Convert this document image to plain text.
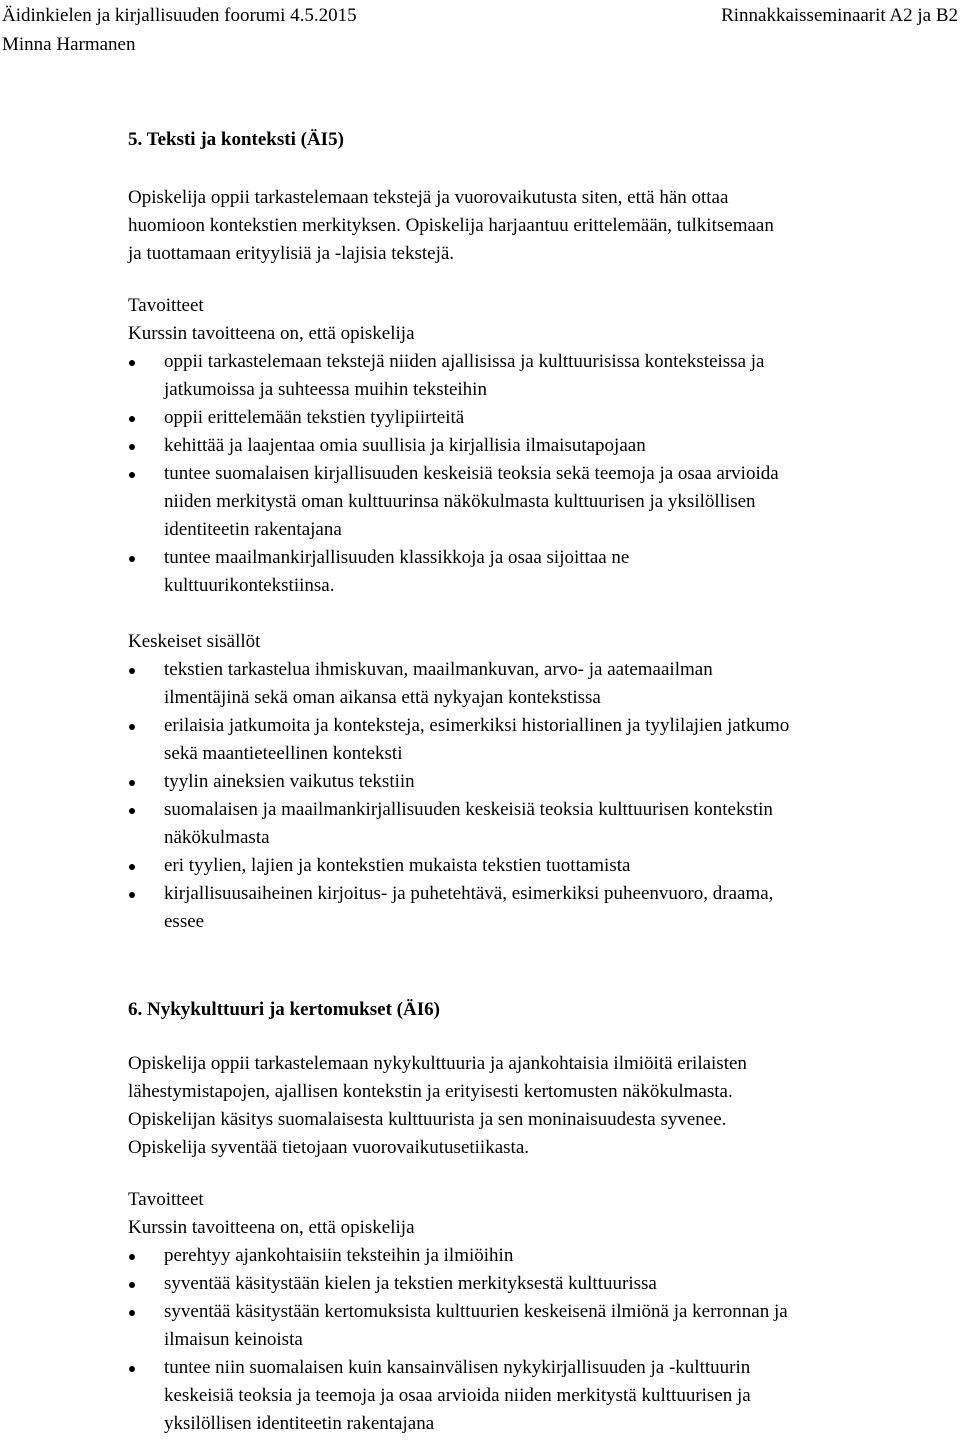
Äidinkielen ja kirjallisuuden foorumi 4.5.2015	Rinnakkaisseminaarit A2 ja B2
Minna Harmanen
5. Teksti ja konteksti (ÄI5)
Opiskelija oppii tarkastelemaan tekstejä ja vuorovaikutusta siten, että hän ottaa
huomioon kontekstien merkityksen. Opiskelija harjaantuu erittelemään, tulkitsemaan
ja tuottamaan erityylisiä ja -lajisia tekstejä.
Tavoitteet
Kurssin tavoitteena on, että opiskelija
oppii tarkastelemaan tekstejä niiden ajallisissa ja kulttuurisissa konteksteissa ja
jatkumoissa ja suhteessa muihin teksteihin
oppii erittelemään tekstien tyylipiirteitä
kehittää ja laajentaa omia suullisia ja kirjallisia ilmaisutapojaan
tuntee suomalaisen kirjallisuuden keskeisiä teoksia sekä teemoja ja osaa arvioida
niiden merkitystä oman kulttuurinsa näkökulmasta kulttuurisen ja yksilöllisen
identiteetin rakentajana
tuntee maailmankirjallisuuden klassikkoja ja osaa sijoittaa ne
kulttuurikontekstiinsa.
Keskeiset sisällöt
tekstien tarkastelua ihmiskuvan, maailmankuvan, arvo- ja aatemaailman
ilmentäjinä sekä oman aikansa että nykyajan kontekstissa
erilaisia jatkumoita ja konteksteja, esimerkiksi historiallinen ja tyylilajien jatkumo
sekä maantieteellinen konteksti
tyylin aineksien vaikutus tekstiin
suomalaisen ja maailmankirjallisuuden keskeisiä teoksia kulttuurisen kontekstin
näkökulmasta
eri tyylien, lajien ja kontekstien mukaista tekstien tuottamista
kirjallisuusaiheinen kirjoitus- ja puhetehtävä, esimerkiksi puheenvuoro, draama,
essee
6. Nykykulttuuri ja kertomukset (ÄI6)
Opiskelija oppii tarkastelemaan nykykulttuuria ja ajankohtaisia ilmiöitä erilaisten
lähestymistapojen, ajallisen kontekstin ja erityisesti kertomusten näkökulmasta.
Opiskelijan käsitys suomalaisesta kulttuurista ja sen moninaisuudesta syvenee.
Opiskelija syventää tietojaan vuorovaikutusetiikasta.
Tavoitteet
Kurssin tavoitteena on, että opiskelija
perehtyy ajankohtaisiin teksteihin ja ilmiöihin
syventää käsitystään kielen ja tekstien merkityksestä kulttuurissa
syventää käsitystään kertomuksista kulttuurien keskeisenä ilmiönä ja kerronnan ja
ilmaisun keinoista
tuntee niin suomalaisen kuin kansainvälisen nykykirjallisuuden ja -kulttuurin
keskeisiä teoksia ja teemoja ja osaa arvioida niiden merkitystä kulttuurisen ja
yksilöllisen identiteetin rakentajana
